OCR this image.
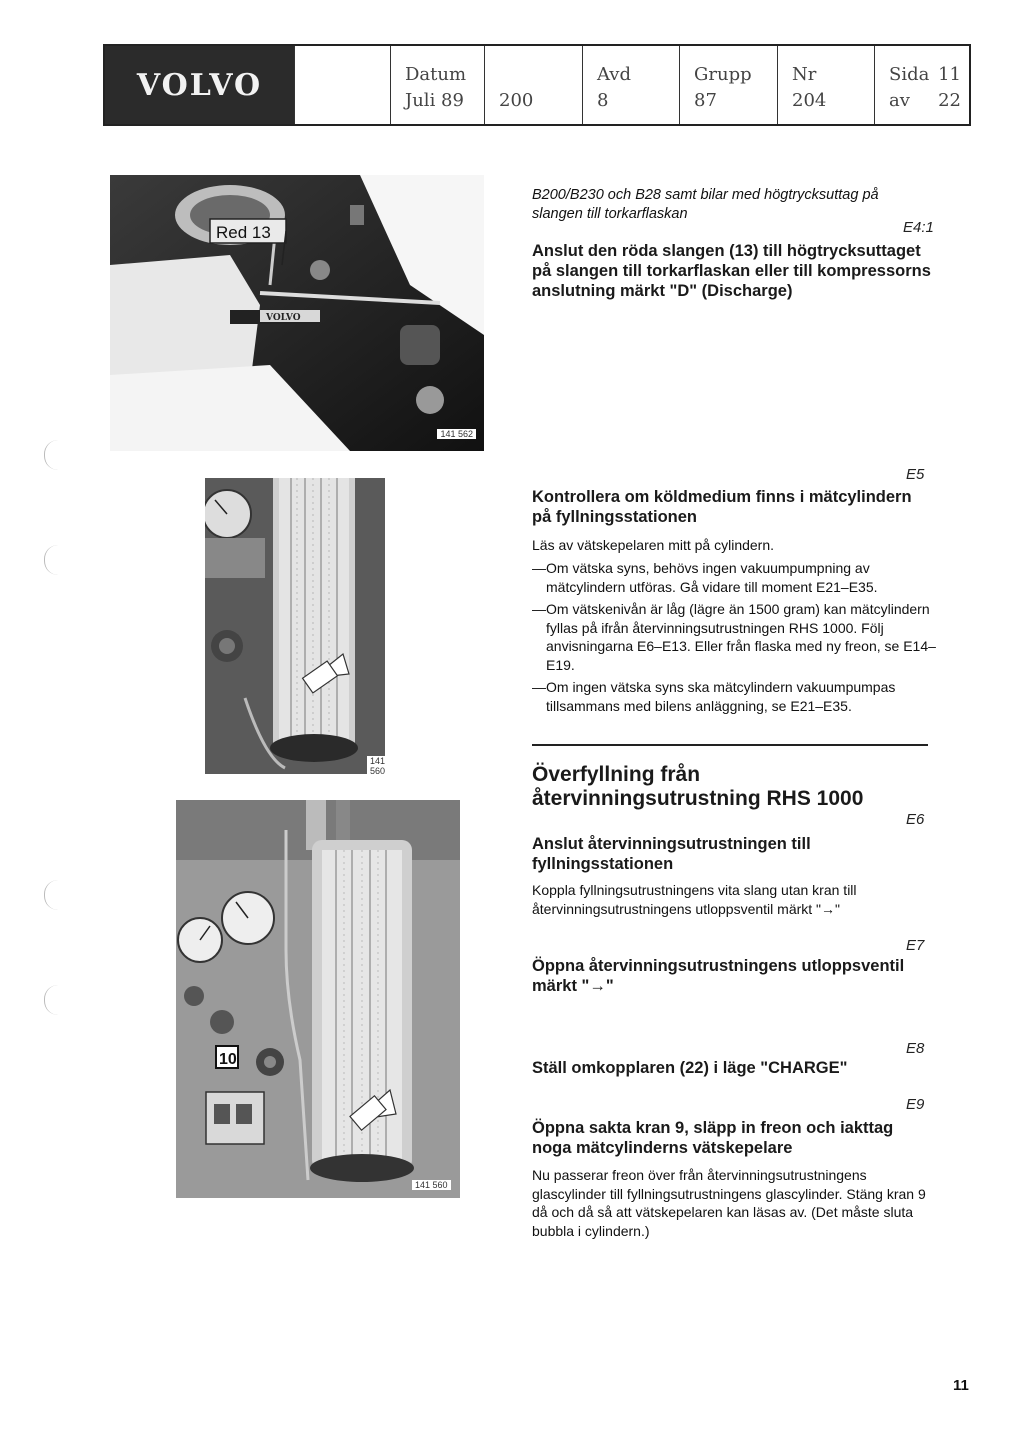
VOLVO	Datum
Juli 89 200
Avd
8
Grupp
87
Nr
204
Sida 11
av 22
Red 13
VOLVO
141 562
141 560
10
141 560
B200/B230 och B28 samt bilar med högtrycksuttag på slangen till torkarflaskan
E4:1
Anslut den röda slangen (13) till högtrycksuttaget på slangen till torkarflaskan eller till kompressorns anslutning märkt "D" (Discharge)
E5
Kontrollera om köldmedium finns i mätcylindern på fyllningsstationen
Läs av vätskepelaren mitt på cylindern.
— Om vätska syns, behövs ingen vakuumpumpning av mätcylindern utföras. Gå vidare till moment E21–E35.
— Om vätskenivån är låg (lägre än 1500 gram) kan mätcylindern fyllas på ifrån återvinningsutrustningen RHS 1000. Följ anvisningarna E6–E13. Eller från flaska med ny freon, se E14–E19.
— Om ingen vätska syns ska mätcylindern vakuumpumpas tillsammans med bilens anläggning, se E21–E35.
Överfyllning från återvinningsutrustning RHS 1000
E6
Anslut återvinningsutrustningen till fyllningsstationen
Koppla fyllningsutrustningens vita slang utan kran till återvinningsutrustningens utloppsventil märkt "→"
E7
Öppna återvinningsutrustningens utloppsventil märkt "→"
E8
Ställ omkopplaren (22) i läge "CHARGE"
E9
Öppna sakta kran 9, släpp in freon och iakttag noga mätcylinderns vätskepelare
Nu passerar freon över från återvinningsutrustningens glascylinder till fyllningsutrustningens glascylinder. Stäng kran 9 då och då så att vätskepelaren kan läsas av. (Det måste sluta bubbla i cylindern.)
11
